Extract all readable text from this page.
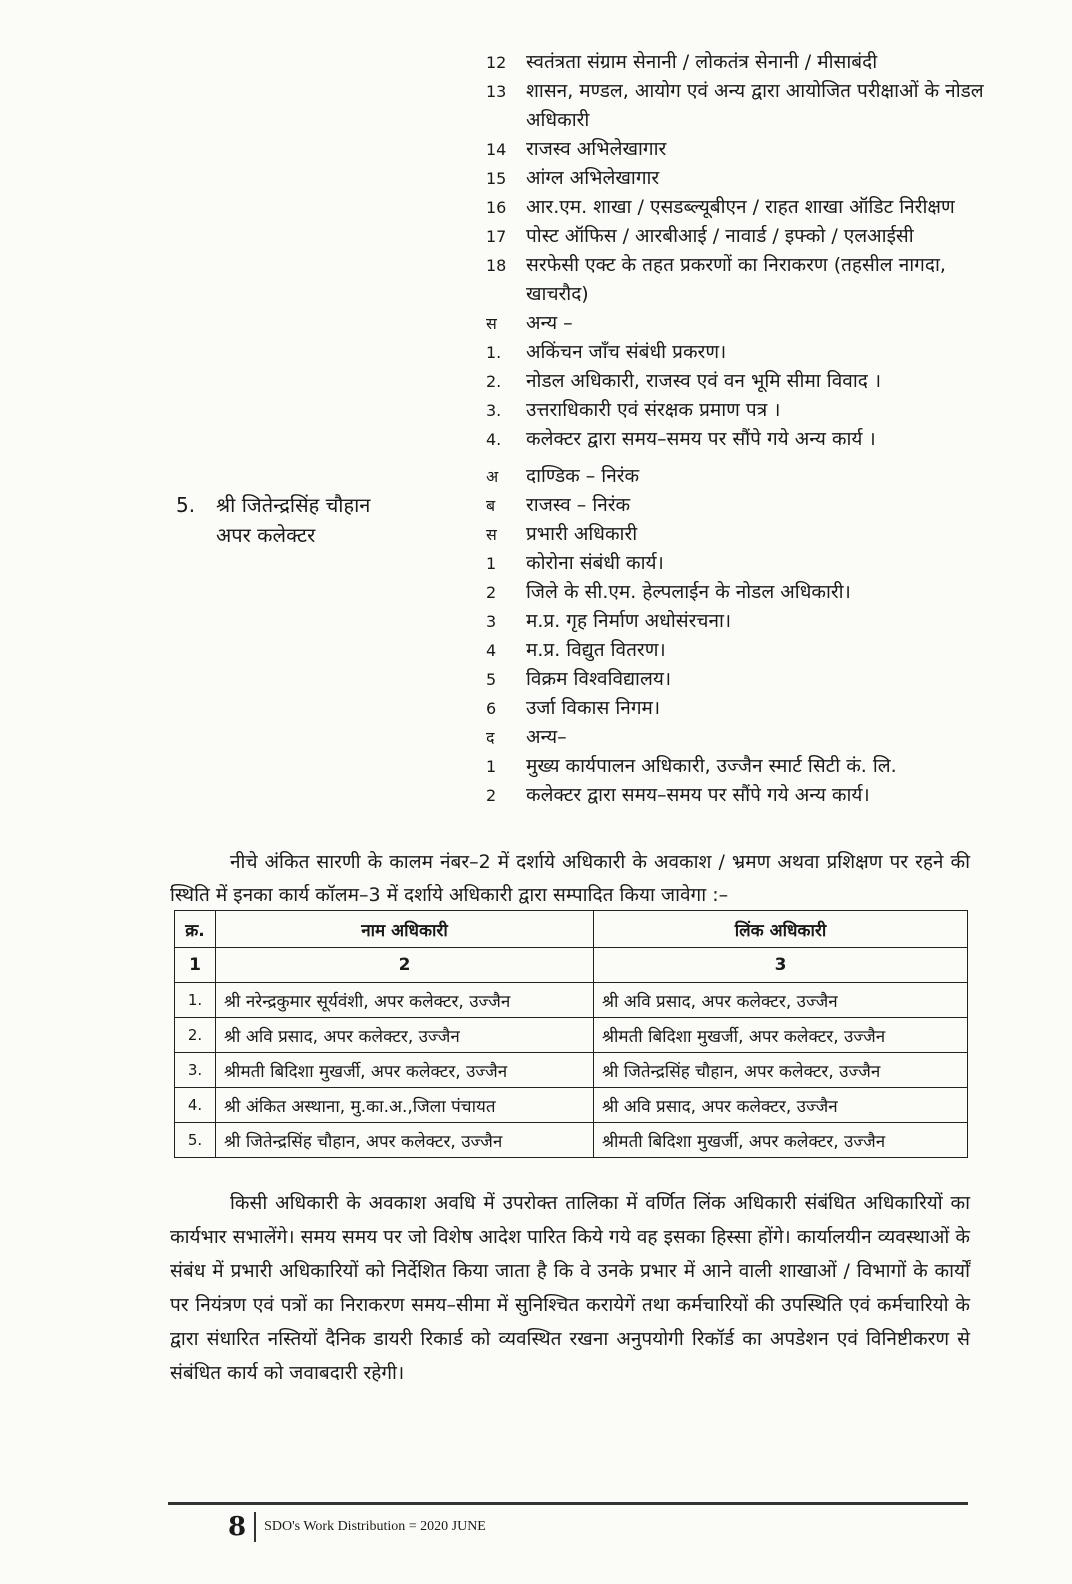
12	स्वतंत्रता संग्राम सेनानी / लोकतंत्र सेनानी / मीसाबंदी
13	शासन, मण्डल, आयोग एवं अन्य द्वारा आयोजित परीक्षाओं के नोडल अधिकारी
14	राजस्व अभिलेखागार
15	आंग्ल अभिलेखागार
16	आर.एम. शाखा / एसडब्ल्यूबीएन / राहत शाखा ऑडिट निरीक्षण
17	पोस्ट ऑफिस / आरबीआई / नावार्ड / इफ्को / एलआईसी
18	सरफेसी एक्ट के तहत प्रकरणों का निराकरण (तहसील नागदा, खाचरौद)
स	अन्य –
1.	अकिंचन जाँच संबंधी प्रकरण।
2.	नोडल अधिकारी, राजस्व एवं वन भूमि सीमा विवाद ।
3.	उत्तराधिकारी एवं संरक्षक प्रमाण पत्र ।
4.	कलेक्टर द्वारा समय–समय पर सौंपे गये अन्य कार्य ।
अ	दाण्डिक – निरंक
ब	राजस्व – निरंक
स	प्रभारी अधिकारी
1	कोरोना संबंधी कार्य।
2	जिले के सी.एम. हेल्पलाईन के नोडल अधिकारी।
3	म.प्र. गृह निर्माण अधोसंरचना।
4	म.प्र. विद्युत वितरण।
5	विक्रम विश्वविद्यालय।
6	उर्जा विकास निगम।
द	अन्य–
1	मुख्य कार्यपालन अधिकारी, उज्जैन स्मार्ट सिटी कं. लि.
2	कलेक्टर द्वारा समय–समय पर सौंपे गये अन्य कार्य।
5. श्री जितेन्द्रसिंह चौहान
अपर कलेक्टर
नीचे अंकित सारणी के कालम नंबर–2 में दर्शाये अधिकारी के अवकाश / भ्रमण अथवा प्रशिक्षण पर रहने की स्थिति में इनका कार्य कॉलम–3 में दर्शाये अधिकारी द्वारा सम्पादित किया जावेगा :–
क्र.	नाम अधिकारी	लिंक अधिकारी
1	2	3
1.	श्री नरेन्द्रकुमार सूर्यवंशी, अपर कलेक्टर, उज्जैन	श्री अवि प्रसाद, अपर कलेक्टर, उज्जैन
2.	श्री अवि प्रसाद, अपर कलेक्टर, उज्जैन	श्रीमती बिदिशा मुखर्जी, अपर कलेक्टर, उज्जैन
3.	श्रीमती बिदिशा मुखर्जी, अपर कलेक्टर, उज्जैन	श्री जितेन्द्रसिंह चौहान, अपर कलेक्टर, उज्जैन
4.	श्री अंकित अस्थाना, मु.का.अ.,जिला पंचायत	श्री अवि प्रसाद, अपर कलेक्टर, उज्जैन
5.	श्री जितेन्द्रसिंह चौहान, अपर कलेक्टर, उज्जैन	श्रीमती बिदिशा मुखर्जी, अपर कलेक्टर, उज्जैन
किसी अधिकारी के अवकाश अवधि में उपरोक्त तालिका में वर्णित लिंक अधिकारी संबंधित अधिकारियों का कार्यभार सभालेंगे। समय समय पर जो विशेष आदेश पारित किये गये वह इसका हिस्सा होंगे। कार्यालयीन व्यवस्थाओं के संबंध में प्रभारी अधिकारियों को निर्देशित किया जाता है कि वे उनके प्रभार में आने वाली शाखाओं / विभागों के कार्यों पर नियंत्रण एवं पत्रों का निराकरण समय–सीमा में सुनिश्चित करायेगें तथा कर्मचारियों की उपस्थिति एवं कर्मचारियो के द्वारा संधारित नस्तियों दैनिक डायरी रिकार्ड को व्यवस्थित रखना अनुपयोगी रिकॉर्ड का अपडेशन एवं विनिष्टीकरण से संबंधित कार्य को जवाबदारी रहेगी।
8	SDO's Work Distribution = 2020 JUNE
